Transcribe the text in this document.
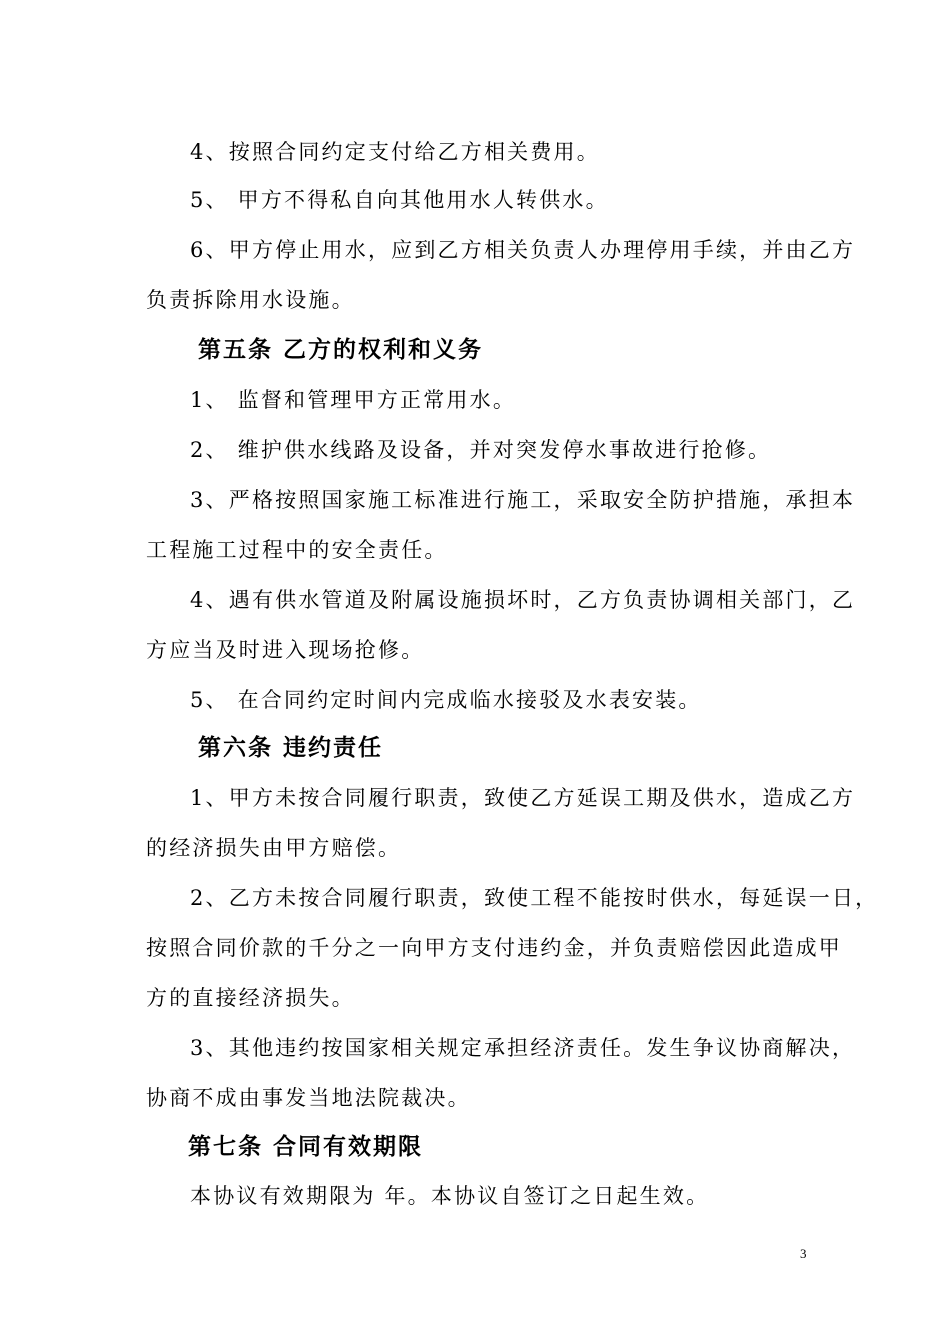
4、按照合同约定支付给乙方相关费用。
5、 甲方不得私自向其他用水人转供水。
6、甲方停止用水，应到乙方相关负责人办理停用手续，并由乙方
负责拆除用水设施。
第五条 乙方的权利和义务
1、 监督和管理甲方正常用水。
2、 维护供水线路及设备，并对突发停水事故进行抢修。
3、严格按照国家施工标准进行施工，采取安全防护措施，承担本
工程施工过程中的安全责任。
4、遇有供水管道及附属设施损坏时，乙方负责协调相关部门，乙
方应当及时进入现场抢修。
5、 在合同约定时间内完成临水接驳及水表安装。
第六条 违约责任
1、甲方未按合同履行职责，致使乙方延误工期及供水，造成乙方
的经济损失由甲方赔偿。
2、乙方未按合同履行职责，致使工程不能按时供水，每延误一日，
按照合同价款的千分之一向甲方支付违约金，并负责赔偿因此造成甲
方的直接经济损失。
3、其他违约按国家相关规定承担经济责任。发生争议协商解决，
协商不成由事发当地法院裁决。
第七条 合同有效期限
本协议有效期限为 年。本协议自签订之日起生效。
3
